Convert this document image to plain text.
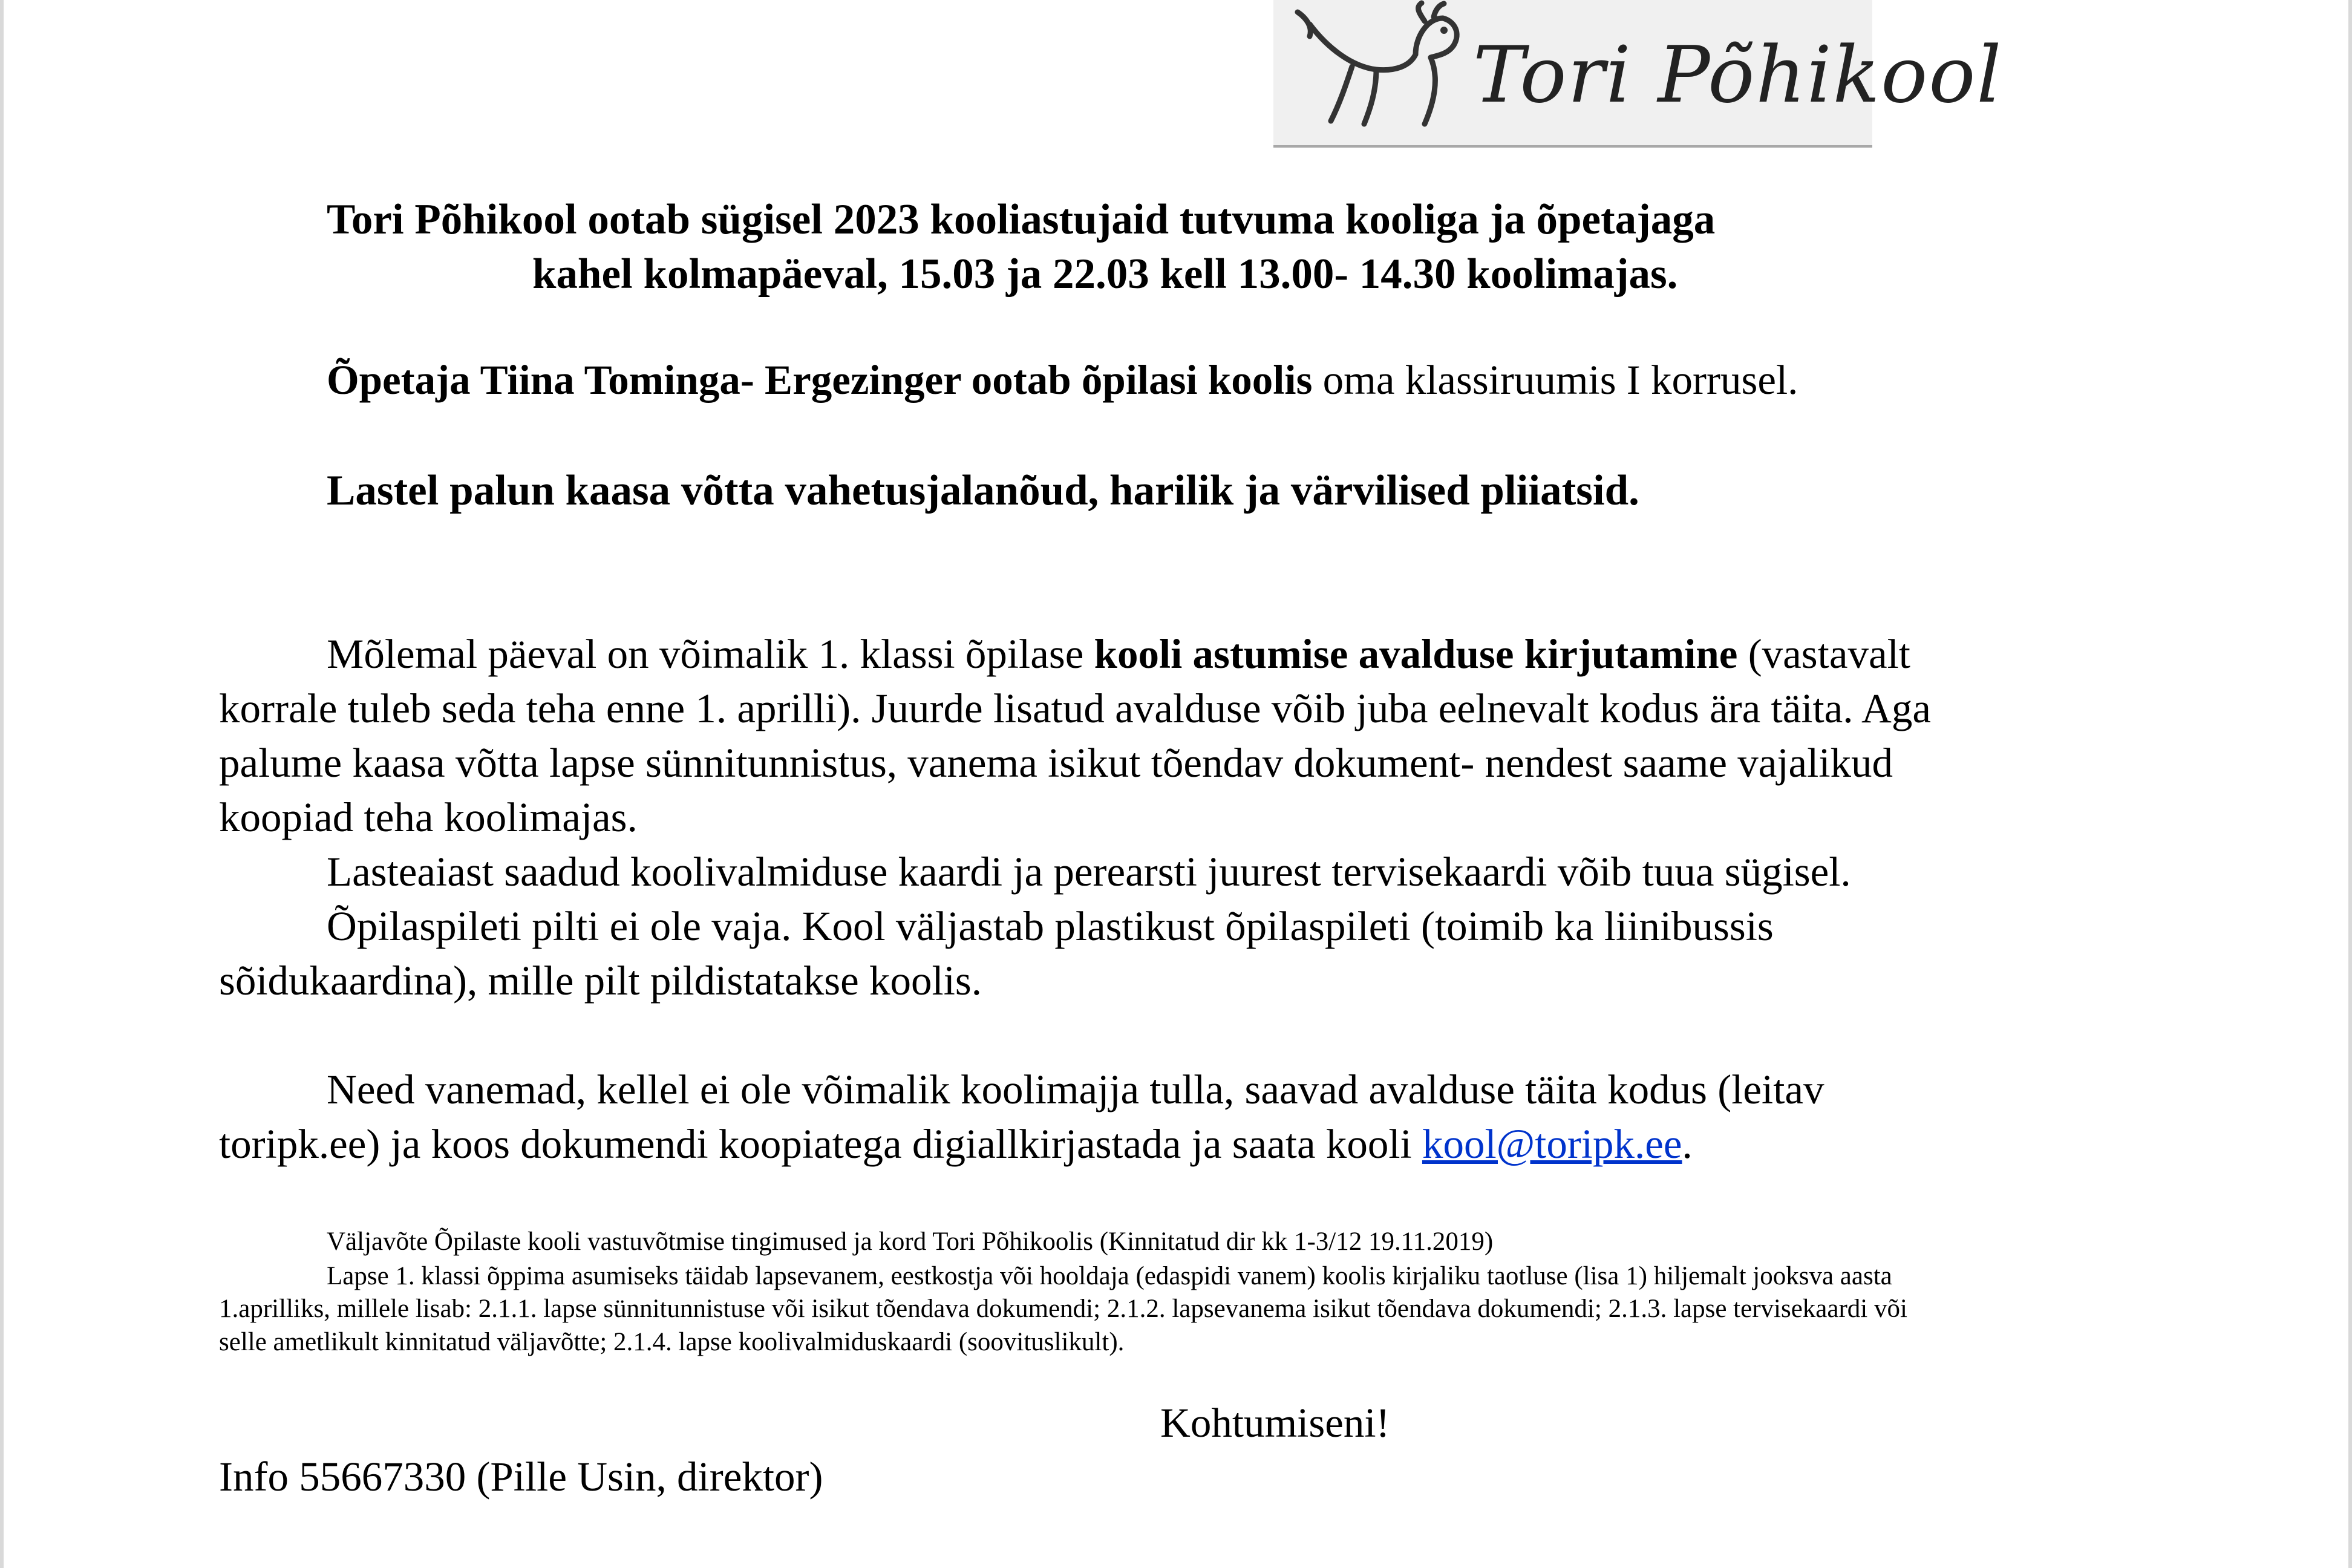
Tori Põhikool
Tori Põhikool ootab sügisel 2023 kooliastujaid tutvuma kooliga ja õpetajaga
kahel kolmapäeval, 15.03 ja 22.03 kell 13.00- 14.30 koolimajas.
Õpetaja Tiina Tominga- Ergezinger ootab õpilasi koolis oma klassiruumis I korrusel.
Lastel palun kaasa võtta vahetusjalanõud, harilik ja värvilised pliiatsid.
Mõlemal päeval on võimalik 1. klassi õpilase kooli astumise avalduse kirjutamine (vastavalt
korrale tuleb seda teha enne 1. aprilli). Juurde lisatud avalduse võib juba eelnevalt kodus ära täita. Aga
palume kaasa võtta lapse sünnitunnistus, vanema isikut tõendav dokument- nendest saame vajalikud
koopiad teha koolimajas.
Lasteaiast saadud koolivalmiduse kaardi ja perearsti juurest tervisekaardi võib tuua sügisel.
Õpilaspileti pilti ei ole vaja. Kool väljastab plastikust õpilaspileti (toimib ka liinibussis
sõidukaardina), mille pilt pildistatakse koolis.
Need vanemad, kellel ei ole võimalik koolimajja tulla, saavad avalduse täita kodus (leitav
toripk.ee) ja koos dokumendi koopiatega digiallkirjastada ja saata kooli kool@toripk.ee.
Väljavõte Õpilaste kooli vastuvõtmise tingimused ja kord Tori Põhikoolis (Kinnitatud dir kk 1-3/12 19.11.2019)
Lapse 1. klassi õppima asumiseks täidab lapsevanem, eestkostja või hooldaja (edaspidi vanem) koolis kirjaliku taotluse (lisa 1) hiljemalt jooksva aasta
1.aprilliks, millele lisab: 2.1.1. lapse sünnitunnistuse või isikut tõendava dokumendi; 2.1.2. lapsevanema isikut tõendava dokumendi; 2.1.3. lapse tervisekaardi või
selle ametlikult kinnitatud väljavõtte; 2.1.4. lapse koolivalmiduskaardi (soovituslikult).
Kohtumiseni!
Info 55667330 (Pille Usin, direktor)
